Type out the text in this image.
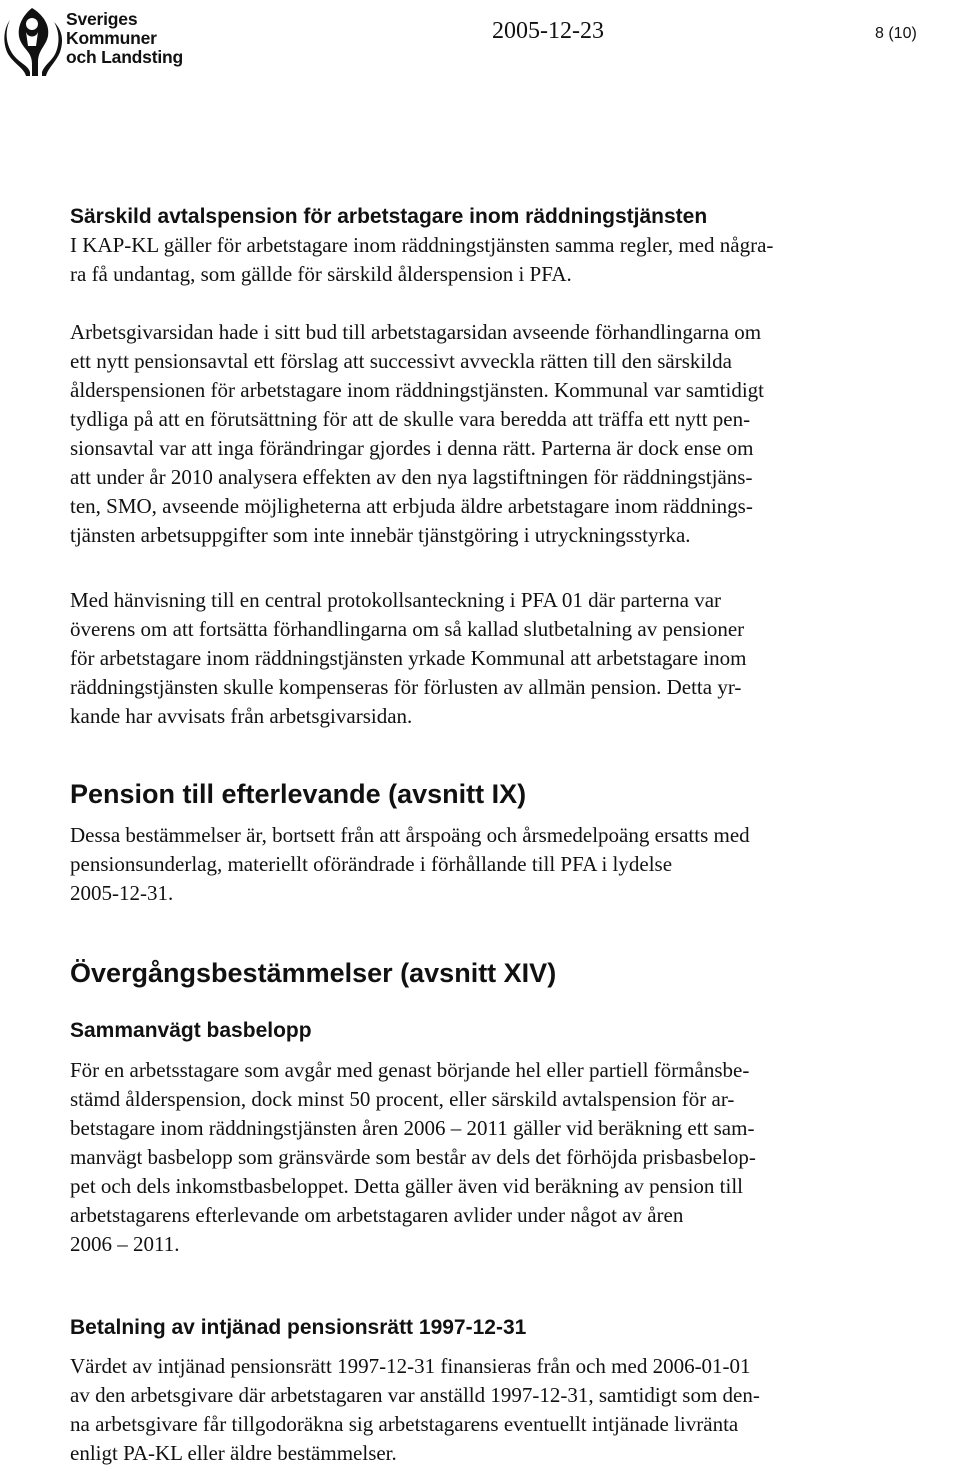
Sveriges
Kommuner
och Landsting
2005-12-23	8 (10)

Särskild avtalspension för arbetstagare inom räddningstjänsten

I KAP-KL gäller för arbetstagare inom räddningstjänsten samma regler, med några-
ra få undantag, som gällde för särskild ålderspension i PFA.

Arbetsgivarsidan hade i sitt bud till arbetstagarsidan avseende förhandlingarna om
ett nytt pensionsavtal ett förslag att successivt avveckla rätten till den särskilda
ålderspensionen för arbetstagare inom räddningstjänsten. Kommunal var samtidigt
tydliga på att en förutsättning för att de skulle vara beredda att träffa ett nytt pen-
sionsavtal var att inga förändringar gjordes i denna rätt. Parterna är dock ense om
att under år 2010 analysera effekten av den nya lagstiftningen för räddningstjäns-
ten, SMO, avseende möjligheterna att erbjuda äldre arbetstagare inom räddnings-
tjänsten arbetsuppgifter som inte innebär tjänstgöring i utryckningsstyrka.

Med hänvisning till en central protokollsanteckning i PFA 01 där parterna var
överens om att fortsätta förhandlingarna om så kallad slutbetalning av pensioner
för arbetstagare inom räddningstjänsten yrkade Kommunal att arbetstagare inom
räddningstjänsten skulle kompenseras för förlusten av allmän pension. Detta yr-
kande har avvisats från arbetsgivarsidan.

Pension till efterlevande (avsnitt IX)

Dessa bestämmelser är, bortsett från att årspoäng och årsmedelpoäng ersatts med
pensionsunderlag, materiellt oförändrade i förhållande till PFA i lydelse
2005-12-31.

Övergångsbestämmelser (avsnitt XIV)

Sammanvägt basbelopp

För en arbetsstagare som avgår med genast börjande hel eller partiell förmånsbe-
stämd ålderspension, dock minst 50 procent, eller särskild avtalspension för ar-
betstagare inom räddningstjänsten åren 2006 – 2011 gäller vid beräkning ett sam-
manvägt basbelopp som gränsvärde som består av dels det förhöjda prisbasbelop-
pet och dels inkomstbasbeloppet. Detta gäller även vid beräkning av pension till
arbetstagarens efterlevande om arbetstagaren avlider under något av åren
2006 – 2011.

Betalning av intjänad pensionsrätt 1997-12-31

Värdet av intjänad pensionsrätt 1997-12-31 finansieras från och med 2006-01-01
av den arbetsgivare där arbetstagaren var anställd 1997-12-31, samtidigt som den-
na arbetsgivare får tillgodoräkna sig arbetstagarens eventuellt intjänade livränta
enligt PA-KL eller äldre bestämmelser.
